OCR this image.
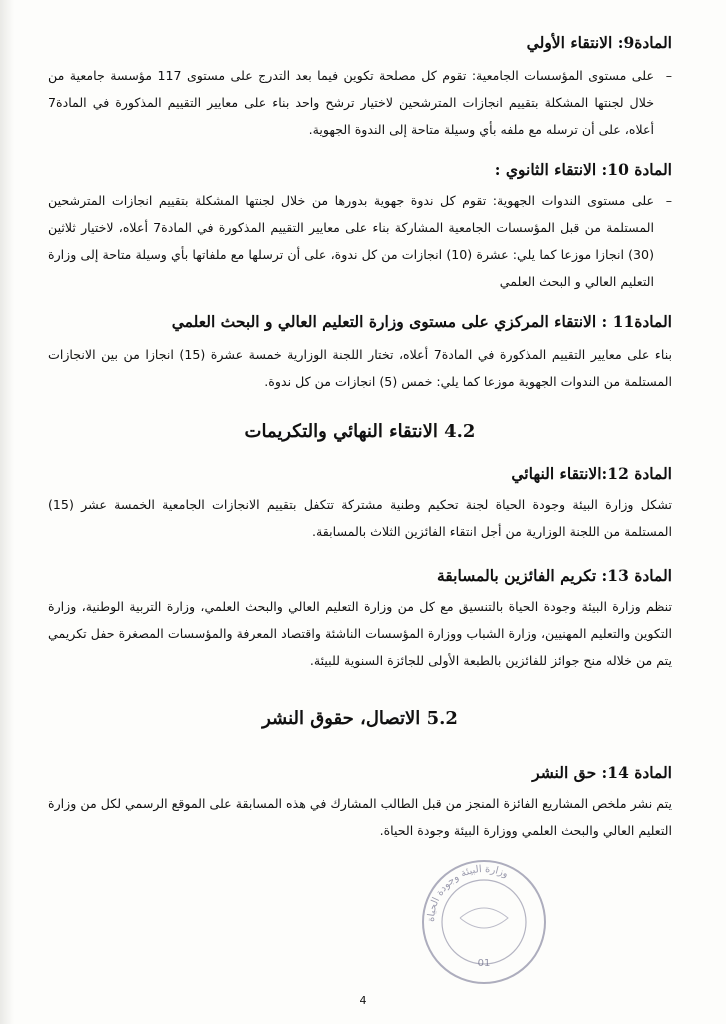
المادة9: الانتقاء الأولي

– على مستوى المؤسسات الجامعية: تقوم كل مصلحة تكوين فيما بعد التدرج على مستوى 117 مؤسسة جامعية من خلال لجنتها المشكلة بتقييم انجازات المترشحين لاختيار ترشح واحد بناء على معايير التقييم المذكورة في المادة7 أعلاه، على أن ترسله مع ملفه بأي وسيلة متاحة إلى الندوة الجهوية.

المادة 10: الانتقاء الثانوي :

– على مستوى الندوات الجهوية: تقوم كل ندوة جهوية بدورها من خلال لجنتها المشكلة بتقييم انجازات المترشحين المستلمة من قبل المؤسسات الجامعية المشاركة بناء على معايير التقييم المذكورة في المادة7 أعلاه، لاختيار ثلاثين (30) انجازا موزعا كما يلي: عشرة (10) انجازات من كل ندوة، على أن ترسلها مع ملفاتها بأي وسيلة متاحة إلى وزارة التعليم العالي و البحث العلمي

المادة11 : الانتقاء المركزي على مستوى وزارة التعليم العالي و البحث العلمي

بناء على معايير التقييم المذكورة في المادة7 أعلاه، تختار اللجنة الوزارية خمسة عشرة (15) انجازا من بين الانجازات المستلمة من الندوات الجهوية موزعا كما يلي: خمس (5) انجازات من كل ندوة.

4.2 الانتقاء النهائي والتكريمات
المادة 12:الانتقاء النهائي

تشكل وزارة البيئة وجودة الحياة لجنة تحكيم وطنية مشتركة تتكفل بتقييم الانجازات الجامعية الخمسة عشر (15) المستلمة من اللجنة الوزارية من أجل انتقاء الفائزين الثلاث بالمسابقة.

المادة 13: تكريم الفائزين بالمسابقة

تنظم وزارة البيئة وجودة الحياة بالتنسيق مع كل من وزارة التعليم العالي والبحث العلمي، وزارة التربية الوطنية، وزارة التكوين والتعليم المهنيين، وزارة الشباب ووزارة المؤسسات الناشئة واقتصاد المعرفة والمؤسسات المصغرة حفل تكريمي يتم من خلاله منح جوائز للفائزين بالطبعة الأولى للجائزة السنوية للبيئة.

5.2 الاتصال، حقوق النشر
المادة 14: حق النشر

يتم نشر ملخص المشاريع الفائزة المنجز من قبل الطالب المشارك في هذه المسابقة على الموقع الرسمي لكل من وزارة التعليم العالي والبحث العلمي ووزارة البيئة وجودة الحياة.

وزارة البيئة وجودة الحياة
01
4
